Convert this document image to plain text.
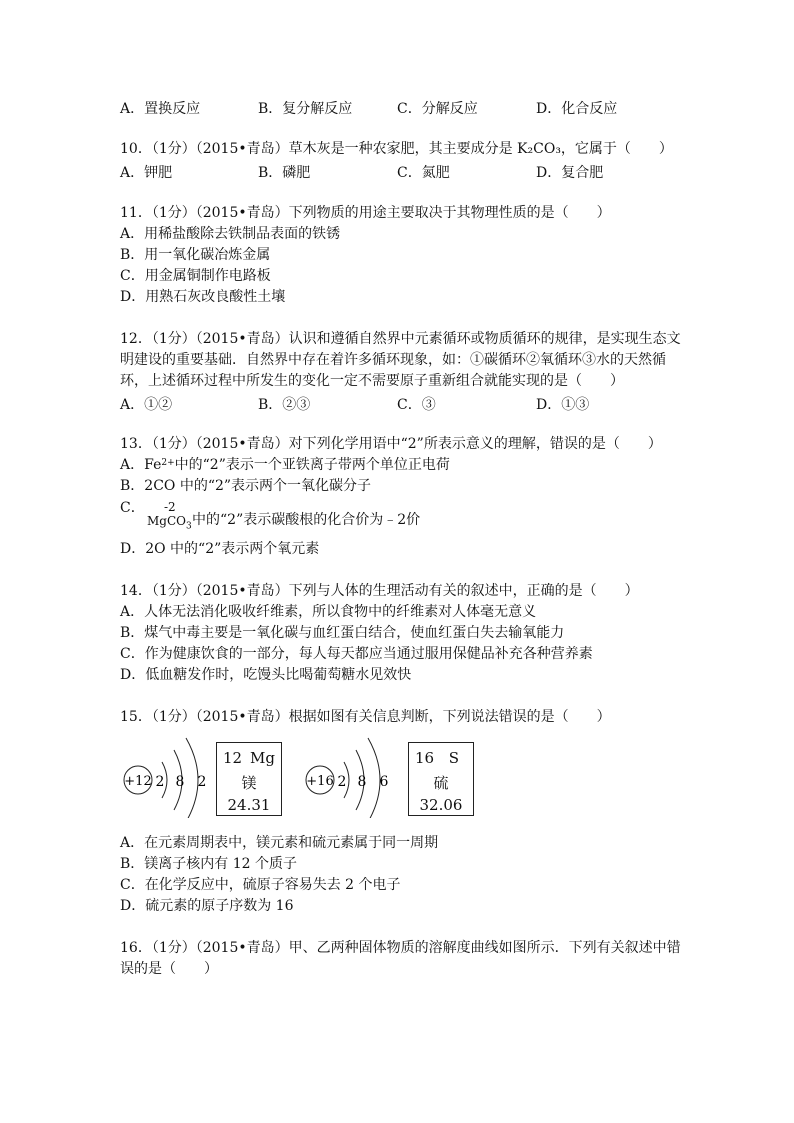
A．置换反应	B．复分解反应	C．分解反应	D．化合反应
10．（1分）（2015•青岛）草木灰是一种农家肥，其主要成分是 K₂CO₃，它属于（　　）
A．钾肥	B．磷肥	C．氮肥	D．复合肥
11．（1分）（2015•青岛）下列物质的用途主要取决于其物理性质的是（　　）
A．用稀盐酸除去铁制品表面的铁锈
B．用一氧化碳冶炼金属
C．用金属铜制作电路板
D．用熟石灰改良酸性土壤
12．（1分）（2015•青岛）认识和遵循自然界中元素循环或物质循环的规律，是实现生态文
明建设的重要基础．自然界中存在着许多循环现象，如：①碳循环②氧循环③水的天然循
环，上述循环过程中所发生的变化一定不需要原子重新组合就能实现的是（　　）
A．①②	B．②③	C．③	D．①③
13．（1分）（2015•青岛）对下列化学用语中“2”所表示意义的理解，错误的是（　　）
A．$Fe^{2+}$中的“2”表示一个亚铁离子带两个单位正电荷
B．2CO 中的“2”表示两个一氧化碳分子
C． -2
MgCO$_3$ 中的“2”表示碳酸根的化合价为﹣2价
D．2O 中的“2”表示两个氧元素
14．（1分）（2015•青岛）下列与人体的生理活动有关的叙述中，正确的是（　　）
A．人体无法消化吸收纤维素，所以食物中的纤维素对人体毫无意义
B．煤气中毒主要是一氧化碳与血红蛋白结合，使血红蛋白失去输氧能力
C．作为健康饮食的一部分，每人每天都应当通过服用保健品补充各种营养素
D．低血糖发作时，吃馒头比喝葡萄糖水见效快
15．（1分）（2015•青岛）根据如图有关信息判断，下列说法错误的是（　　）
+12 2 8 2
12 Mg
镁
24.31
+16 2 8 6
16 S
硫
32.06
A．在元素周期表中，镁元素和硫元素属于同一周期
B．镁离子核内有 12 个质子
C．在化学反应中，硫原子容易失去 2 个电子
D．硫元素的原子序数为 16
16．（1分）（2015•青岛）甲、乙两种固体物质的溶解度曲线如图所示．下列有关叙述中错
误的是（　　）
